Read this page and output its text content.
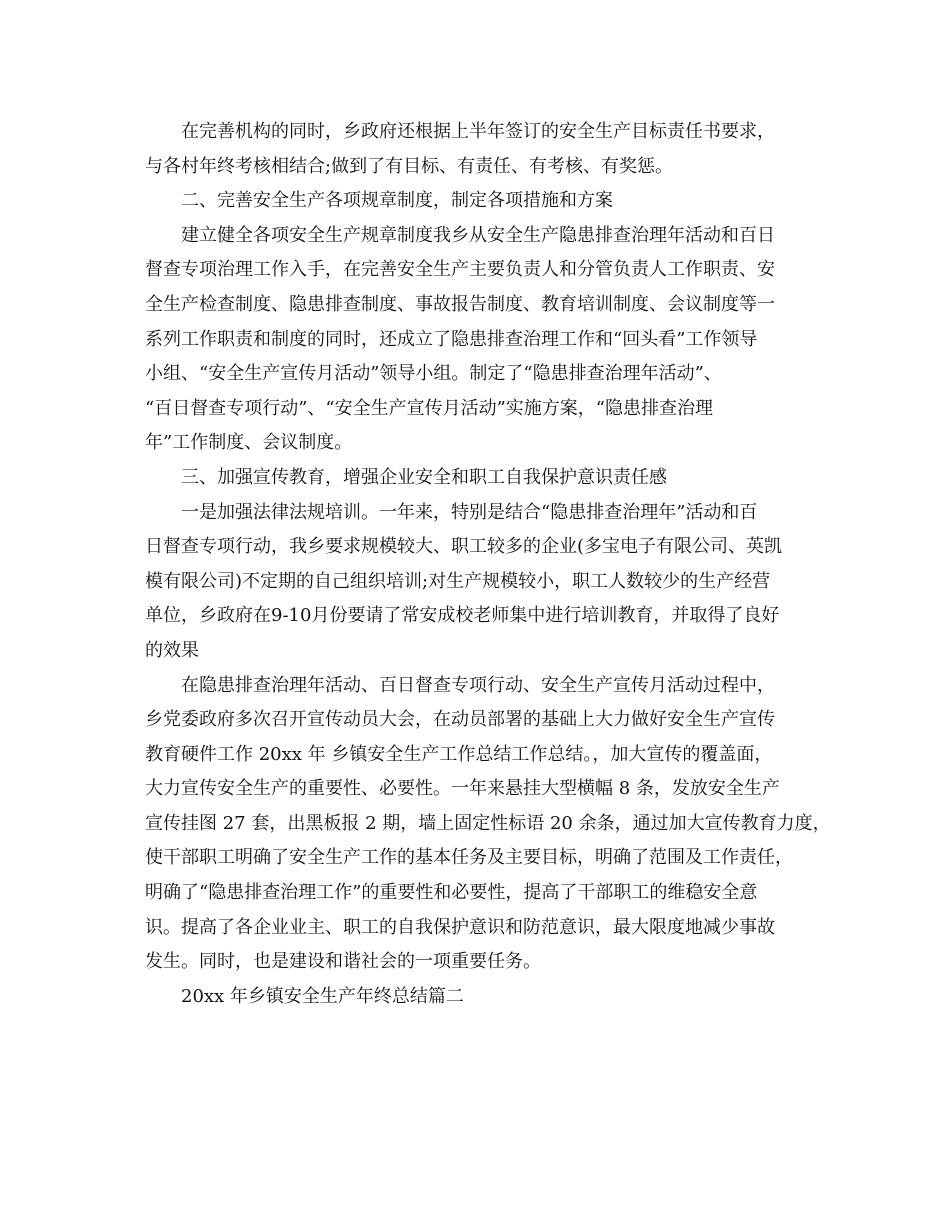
在完善机构的同时，乡政府还根据上半年签订的安全生产目标责任书要求，
与各村年终考核相结合;做到了有目标、有责任、有考核、有奖惩。
二、完善安全生产各项规章制度，制定各项措施和方案
建立健全各项安全生产规章制度我乡从安全生产隐患排查治理年活动和百日
督查专项治理工作入手，在完善安全生产主要负责人和分管负责人工作职责、安
全生产检查制度、隐患排查制度、事故报告制度、教育培训制度、会议制度等一
系列工作职责和制度的同时，还成立了隐患排查治理工作和“回头看”工作领导
小组、“安全生产宣传月活动”领导小组。制定了“隐患排查治理年活动”、
“百日督查专项行动”、“安全生产宣传月活动”实施方案，“隐患排查治理
年”工作制度、会议制度。
三、加强宣传教育，增强企业安全和职工自我保护意识责任感
一是加强法律法规培训。一年来，特别是结合“隐患排查治理年”活动和百
日督查专项行动，我乡要求规模较大、职工较多的企业(多宝电子有限公司、英凯
模有限公司)不定期的自己组织培训;对生产规模较小，职工人数较少的生产经营
单位，乡政府在9-10月份要请了常安成校老师集中进行培训教育，并取得了良好
的效果
在隐患排查治理年活动、百日督查专项行动、安全生产宣传月活动过程中，
乡党委政府多次召开宣传动员大会，在动员部署的基础上大力做好安全生产宣传
教育硬件工作 20xx 年 乡镇安全生产工作总结工作总结。，加大宣传的覆盖面，
大力宣传安全生产的重要性、必要性。一年来悬挂大型横幅 8 条，发放安全生产
宣传挂图 27 套，出黑板报 2 期，墙上固定性标语 20 余条，通过加大宣传教育力度，
使干部职工明确了安全生产工作的基本任务及主要目标，明确了范围及工作责任，
明确了“隐患排查治理工作”的重要性和必要性，提高了干部职工的维稳安全意
识。提高了各企业业主、职工的自我保护意识和防范意识，最大限度地减少事故
发生。同时，也是建设和谐社会的一项重要任务。
20xx 年乡镇安全生产年终总结篇二
